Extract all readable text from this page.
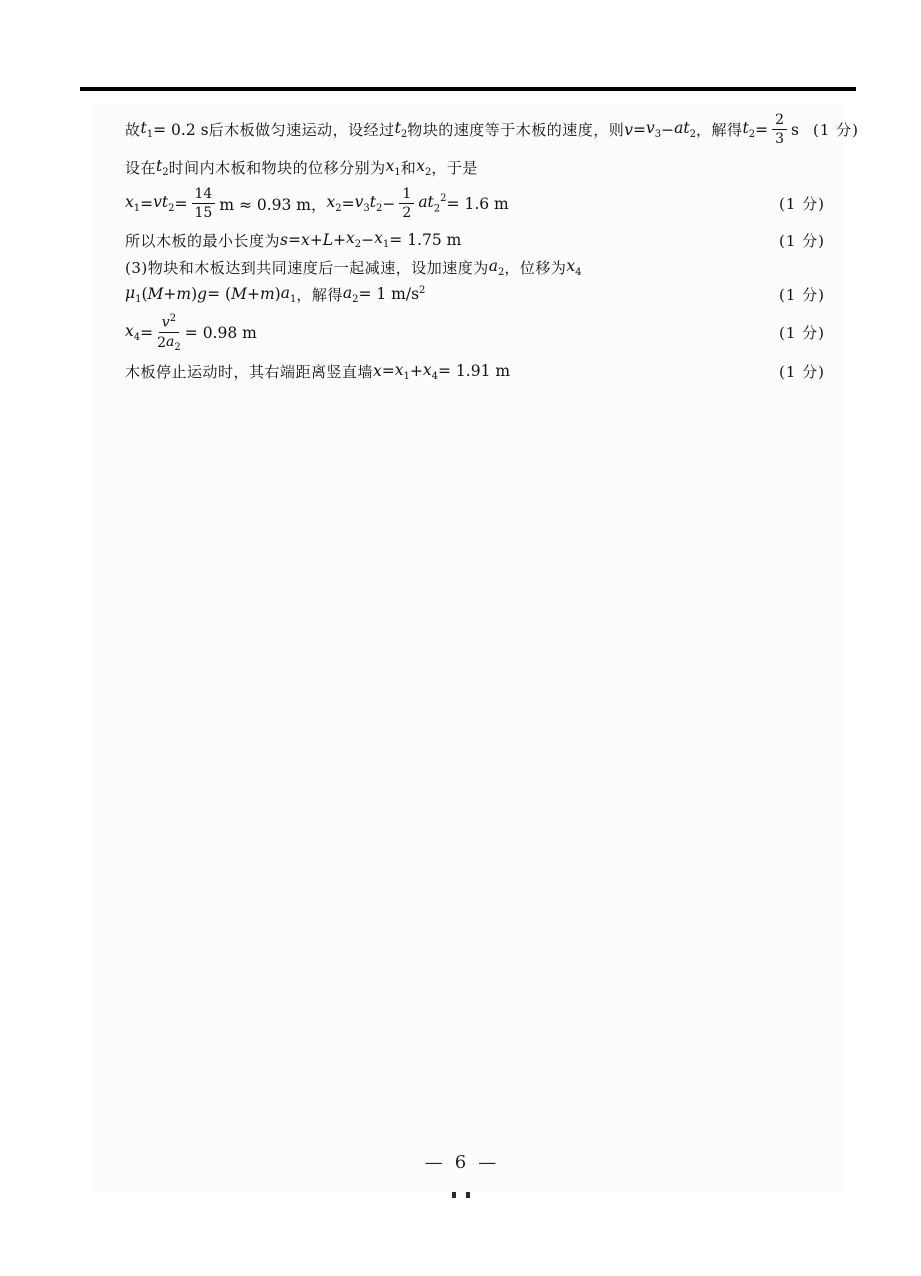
故 $t_1 = 0.2$ s 后木板做匀速运动，设经过 $t_2$ 物块的速度等于木板的速度，则 $v = v_3 - at_2$ ，解得 $t_2 = \frac{2}{3}$ s (1 分)
设在 $t_2$ 时间内木板和物块的位移分别为 $x_1$ 和 $x_2$ ，于是
$x_1 = vt_2 = \frac{14}{15}$ m ≈ 0.93 m， $x_2 = v_3$ $t_2 - \frac{1}{2} at_2^2 = 1.6$ m	(1 分)
所以木板的最小长度为 $s = x + L + x_2 - x_1 = 1.75$ m	(1 分)
(3)物块和木板达到共同速度后一起减速，设加速度为 $a_2$ ，位移为 $x_4$
$\mu_1$ ( M + m ) g = ( M + m ) $a_1$ ，解得 $a_2 = 1$ $m/s^2$	(1 分)
$x_4 = \frac{v^2}{2 a_2} = 0.98$ m	(1 分)
木板停止运动时，其右端距离竖直墙 $x = x_1 + x_4 = 1.91$ m	(1 分)
— 6 —
